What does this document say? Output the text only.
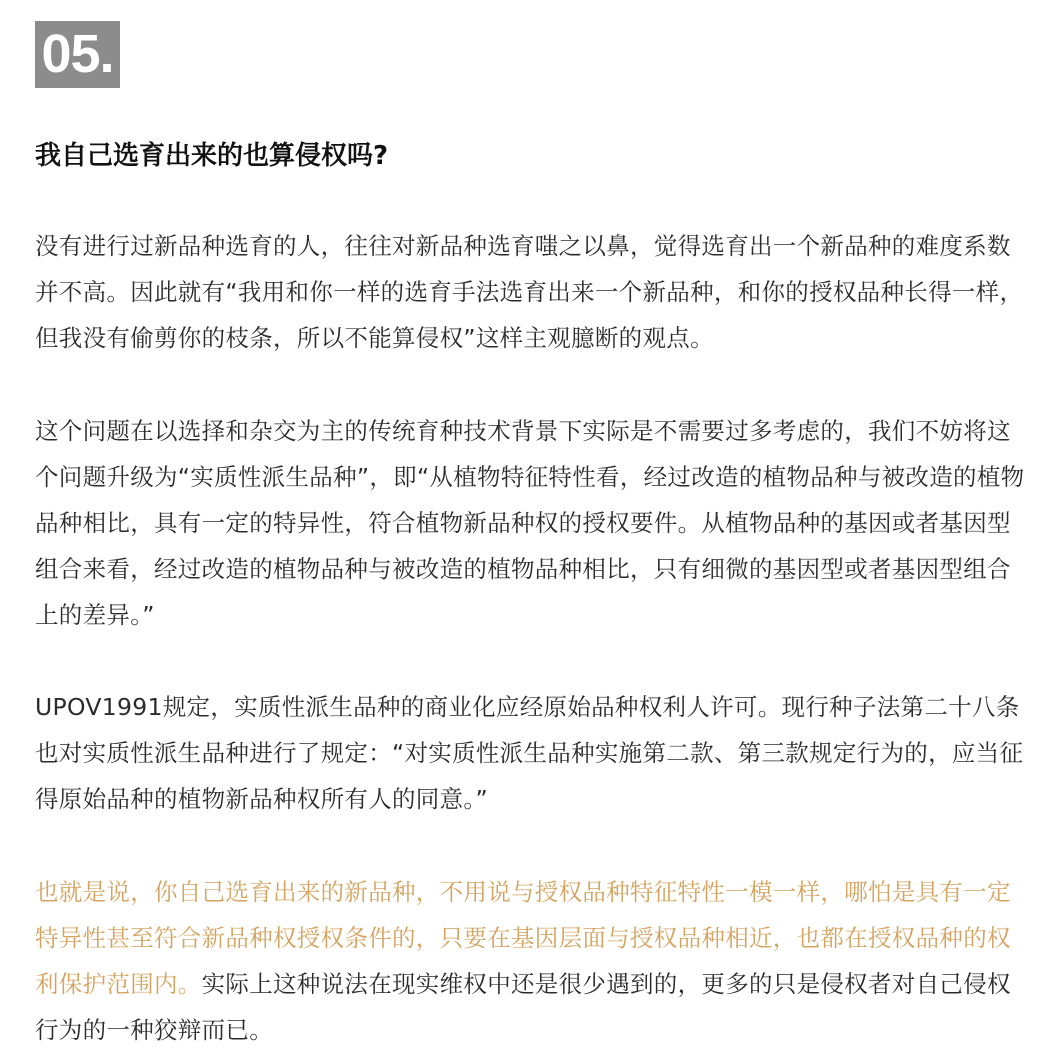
05.
我自己选育出来的也算侵权吗?

没有进行过新品种选育的人，往往对新品种选育嗤之以鼻，觉得选育出一个新品种的难度系数并不高。因此就有“我用和你一样的选育手法选育出来一个新品种，和你的授权品种长得一样，但我没有偷剪你的枝条，所以不能算侵权”这样主观臆断的观点。

这个问题在以选择和杂交为主的传统育种技术背景下实际是不需要过多考虑的，我们不妨将这个问题升级为“实质性派生品种”，即“从植物特征特性看，经过改造的植物品种与被改造的植物品种相比，具有一定的特异性，符合植物新品种权的授权要件。从植物品种的基因或者基因型组合来看，经过改造的植物品种与被改造的植物品种相比，只有细微的基因型或者基因型组合上的差异。”

UPOV1991规定，实质性派生品种的商业化应经原始品种权利人许可。现行种子法第二十八条也对实质性派生品种进行了规定：“对实质性派生品种实施第二款、第三款规定行为的，应当征得原始品种的植物新品种权所有人的同意。”

也就是说，你自己选育出来的新品种，不用说与授权品种特征特性一模一样，哪怕是具有一定特异性甚至符合新品种权授权条件的，只要在基因层面与授权品种相近，也都在授权品种的权利保护范围内。实际上这种说法在现实维权中还是很少遇到的，更多的只是侵权者对自己侵权行为的一种狡辩而已。
